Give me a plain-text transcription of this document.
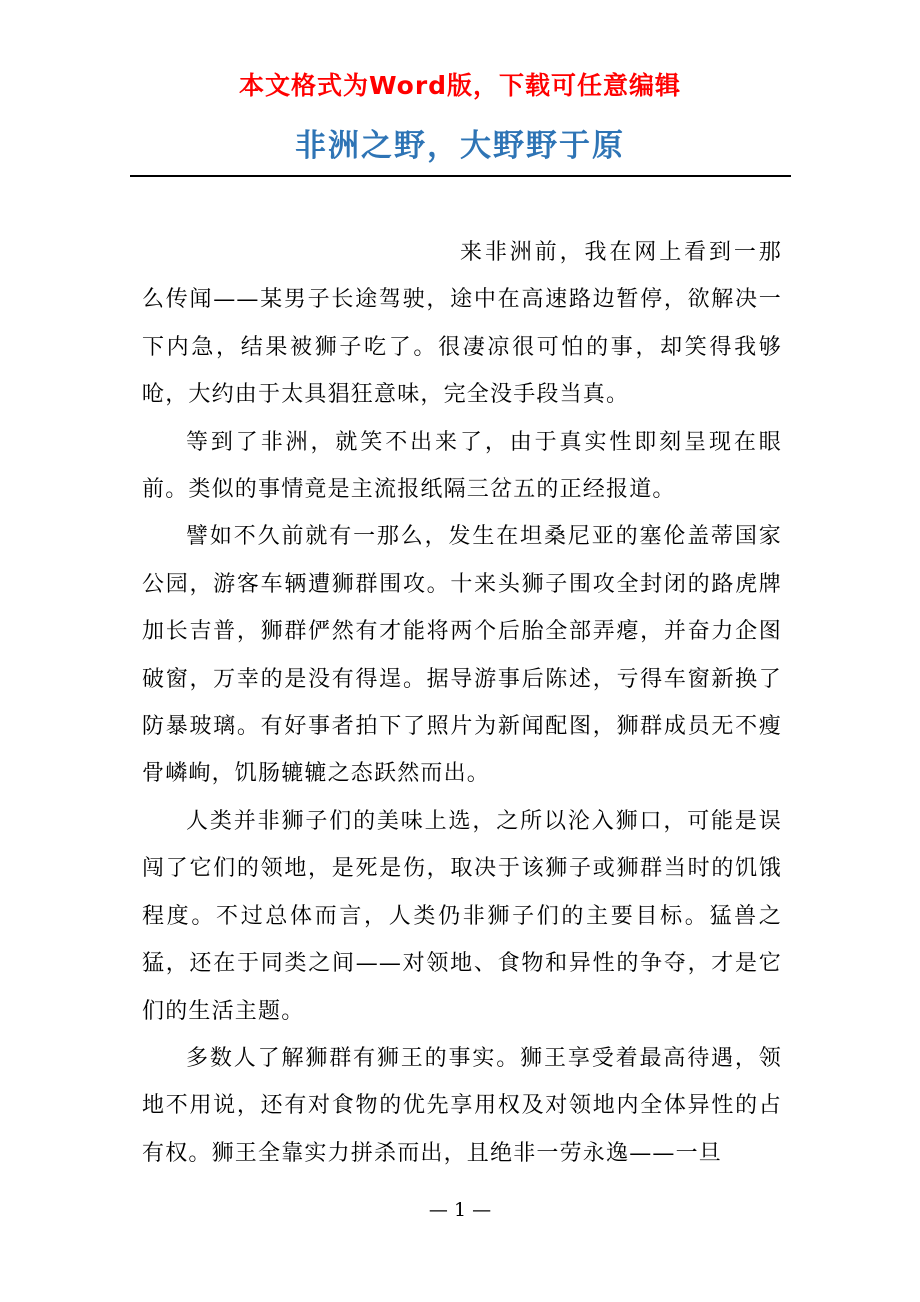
本文格式为Word版，下载可任意编辑
非洲之野，大野野于原

来非洲前，我在网上看到一那么传闻——某男子长途驾驶，途中在高速路边暂停，欲解决一下内急，结果被狮子吃了。很凄凉很可怕的事，却笑得我够呛，大约由于太具猖狂意味，完全没手段当真。

等到了非洲，就笑不出来了，由于真实性即刻呈现在眼前。类似的事情竟是主流报纸隔三岔五的正经报道。

譬如不久前就有一那么，发生在坦桑尼亚的塞伦盖蒂国家公园，游客车辆遭狮群围攻。十来头狮子围攻全封闭的路虎牌加长吉普，狮群俨然有才能将两个后胎全部弄瘪，并奋力企图破窗，万幸的是没有得逞。据导游事后陈述，亏得车窗新换了防暴玻璃。有好事者拍下了照片为新闻配图，狮群成员无不瘦骨嶙峋，饥肠辘辘之态跃然而出。

人类并非狮子们的美味上选，之所以沦入狮口，可能是误闯了它们的领地，是死是伤，取决于该狮子或狮群当时的饥饿程度。不过总体而言，人类仍非狮子们的主要目标。猛兽之猛，还在于同类之间——对领地、食物和异性的争夺，才是它们的生活主题。

多数人了解狮群有狮王的事实。狮王享受着最高待遇，领地不用说，还有对食物的优先享用权及对领地内全体异性的占有权。狮王全靠实力拼杀而出，且绝非一劳永逸——一旦

— 1 —
